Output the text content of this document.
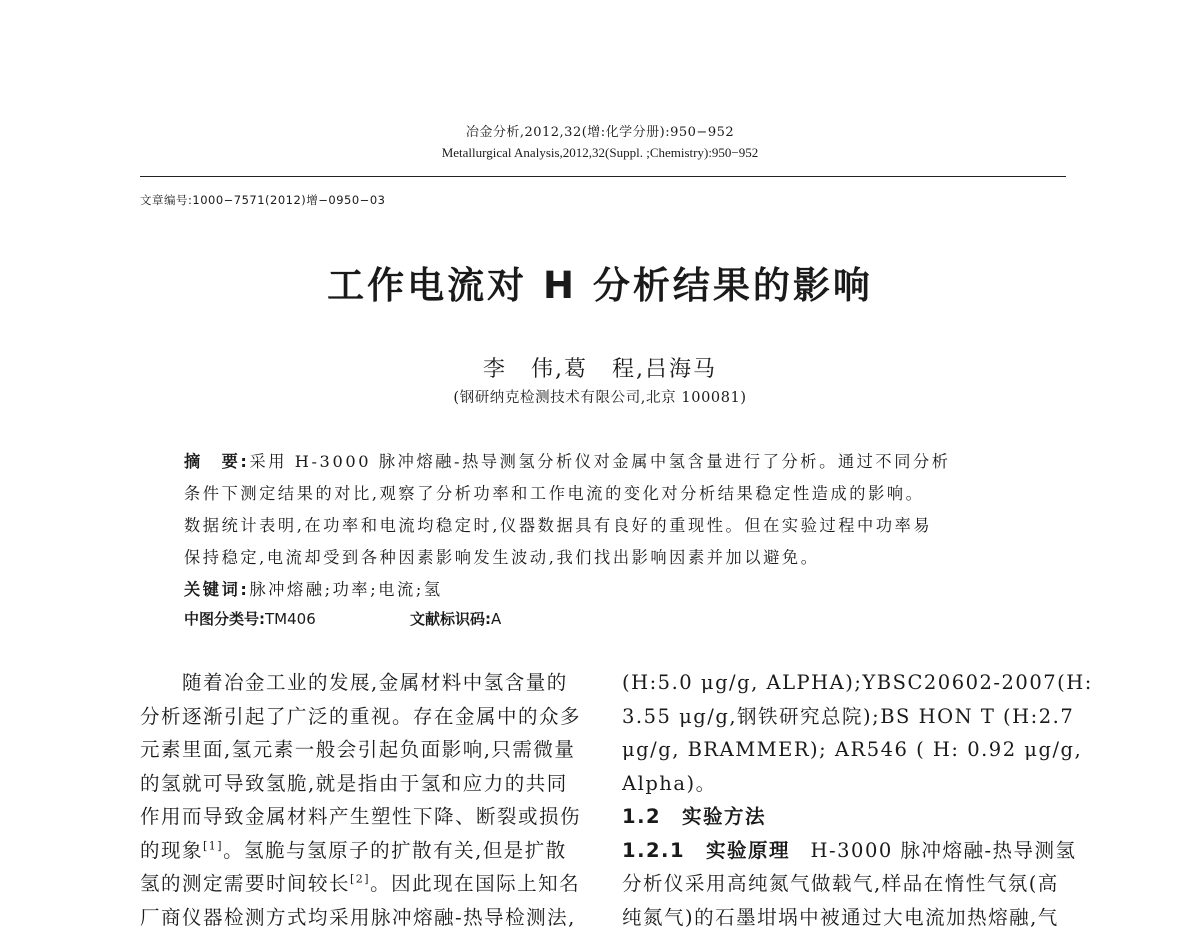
冶金分析,2012,32(增:化学分册):950−952
Metallurgical Analysis,2012,32(Suppl. ;Chemistry):950−952
文章编号:1000−7571(2012)增−0950−03
工作电流对 H 分析结果的影响
李　伟,葛　程,吕海马
(钢研纳克检测技术有限公司,北京 100081)
摘　要:采用 H-3000 脉冲熔融-热导测氢分析仪对金属中氢含量进行了分析。通过不同分析
条件下测定结果的对比,观察了分析功率和工作电流的变化对分析结果稳定性造成的影响。
数据统计表明,在功率和电流均稳定时,仪器数据具有良好的重现性。但在实验过程中功率易
保持稳定,电流却受到各种因素影响发生波动,我们找出影响因素并加以避免。
关键词:脉冲熔融;功率;电流;氢
中图分类号:TM406	文献标识码:A
　　随着冶金工业的发展,金属材料中氢含量的
分析逐渐引起了广泛的重视。存在金属中的众多
元素里面,氢元素一般会引起负面影响,只需微量
的氢就可导致氢脆,就是指由于氢和应力的共同
作用而导致金属材料产生塑性下降、断裂或损伤
的现象[1]。氢脆与氢原子的扩散有关,但是扩散
氢的测定需要时间较长[2]。因此现在国际上知名
厂商仪器检测方式均采用脉冲熔融-热导检测法,
(H:5.0 μg/g, ALPHA);YBSC20602-2007(H:
3.55 μg/g,钢铁研究总院);BS HON T (H:2.7
μg/g, BRAMMER); AR546 ( H: 0.92 μg/g,
Alpha)。
1.2　实验方法
1.2.1　实验原理　 H-3000 脉冲熔融-热导测氢
分析仪采用高纯氮气做载气,样品在惰性气氛(高
纯氮气)的石墨坩埚中被通过大电流加热熔融,气
